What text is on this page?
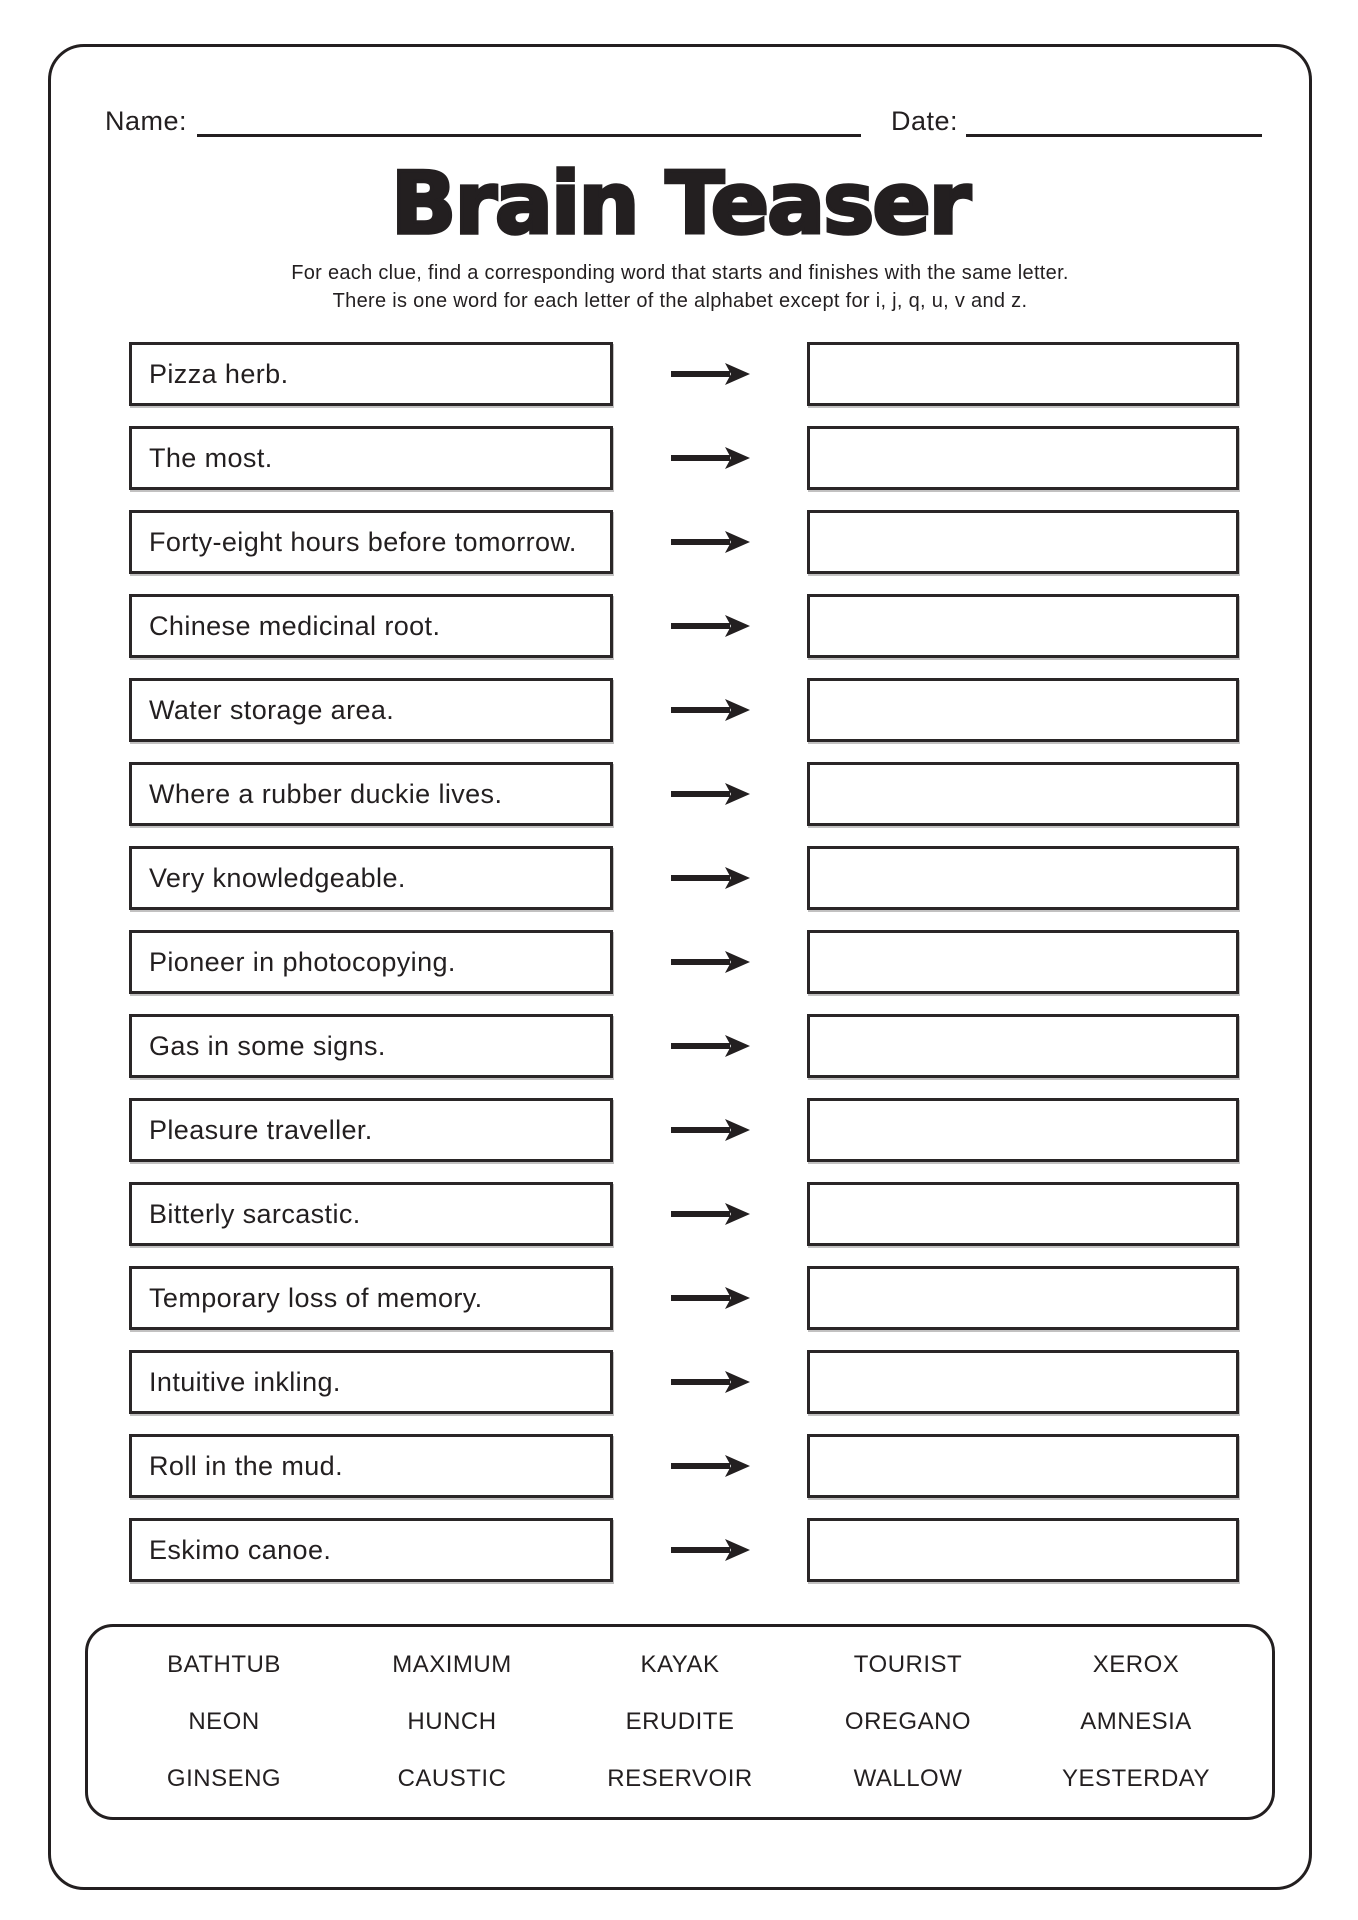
Name:	Date:
Brain Teaser

For each clue, find a corresponding word that starts and finishes with the same letter.

There is one word for each letter of the alphabet except for i, j, q, u, v and z.

Pizza herb.
The most.
Forty-eight hours before tomorrow.
Chinese medicinal root.
Water storage area.
Where a rubber duckie lives.
Very knowledgeable.
Pioneer in photocopying.
Gas in some signs.
Pleasure traveller.
Bitterly sarcastic.
Temporary loss of memory.
Intuitive inkling.
Roll in the mud.
Eskimo canoe.
BATHTUB	MAXIMUM	KAYAK	TOURIST	XEROX
NEON	HUNCH	ERUDITE	OREGANO	AMNESIA
GINSENG	CAUSTIC	RESERVOIR	WALLOW	YESTERDAY
